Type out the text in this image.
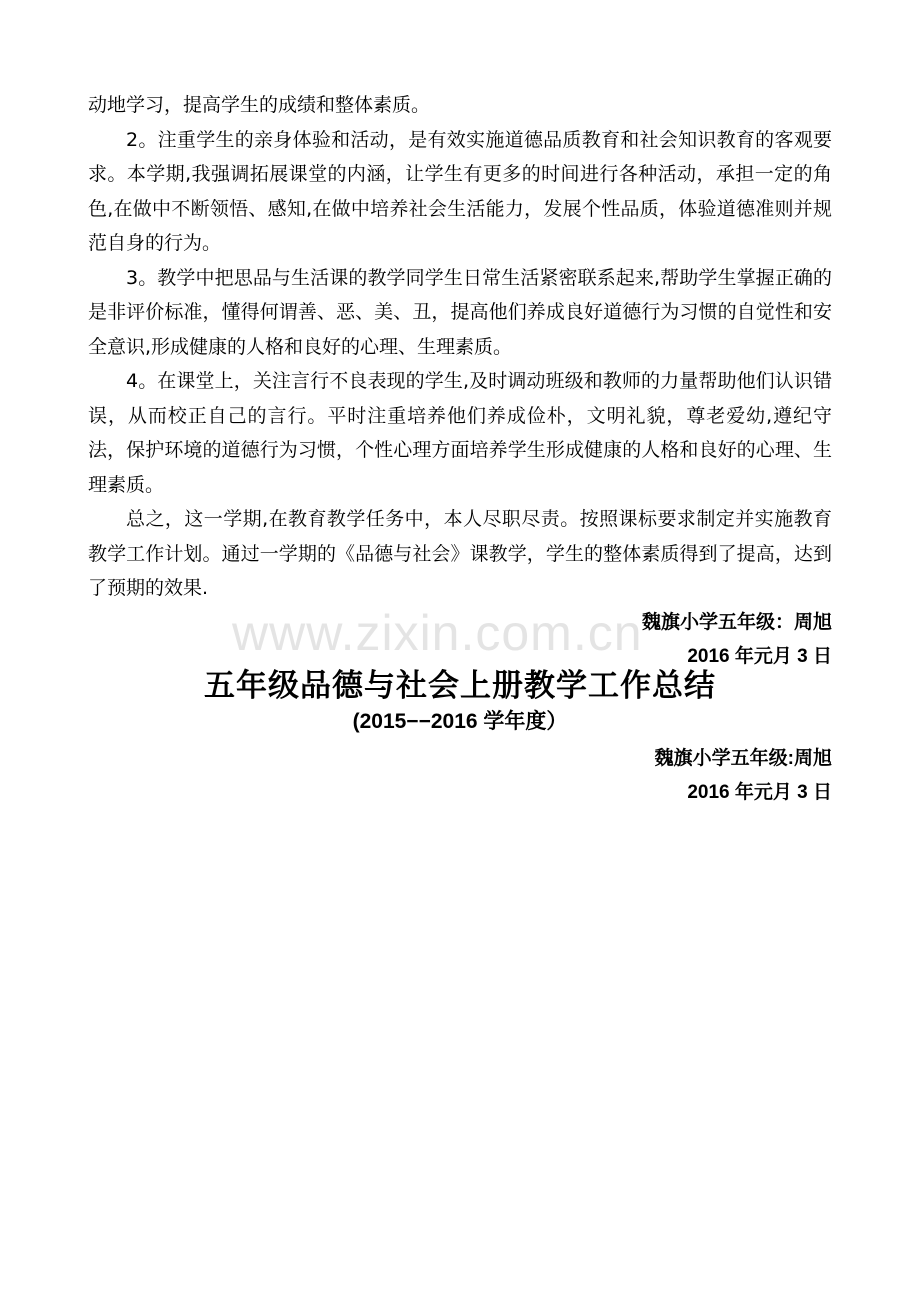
动地学习，提高学生的成绩和整体素质。

2。注重学生的亲身体验和活动，是有效实施道德品质教育和社会知识教育的客观要求。本学期,我强调拓展课堂的内涵，让学生有更多的时间进行各种活动，承担一定的角色,在做中不断领悟、感知,在做中培养社会生活能力，发展个性品质，体验道德准则并规范自身的行为。

3。教学中把思品与生活课的教学同学生日常生活紧密联系起来,帮助学生掌握正确的是非评价标准，懂得何谓善、恶、美、丑，提高他们养成良好道德行为习惯的自觉性和安全意识,形成健康的人格和良好的心理、生理素质。

4。在课堂上，关注言行不良表现的学生,及时调动班级和教师的力量帮助他们认识错误，从而校正自己的言行。平时注重培养他们养成俭朴，文明礼貌，尊老爱幼,遵纪守法，保护环境的道德行为习惯，个性心理方面培养学生形成健康的人格和良好的心理、生理素质。

总之，这一学期,在教育教学任务中，本人尽职尽责。按照课标要求制定并实施教育教学工作计划。通过一学期的《品德与社会》课教学，学生的整体素质得到了提高，达到了预期的效果.

魏旗小学五年级：周旭

2016 年元月 3 日

五年级品德与社会上册教学工作总结
(2015−−2016 学年度）

魏旗小学五年级:周旭

2016 年元月 3 日

www.zixin.com.cn
